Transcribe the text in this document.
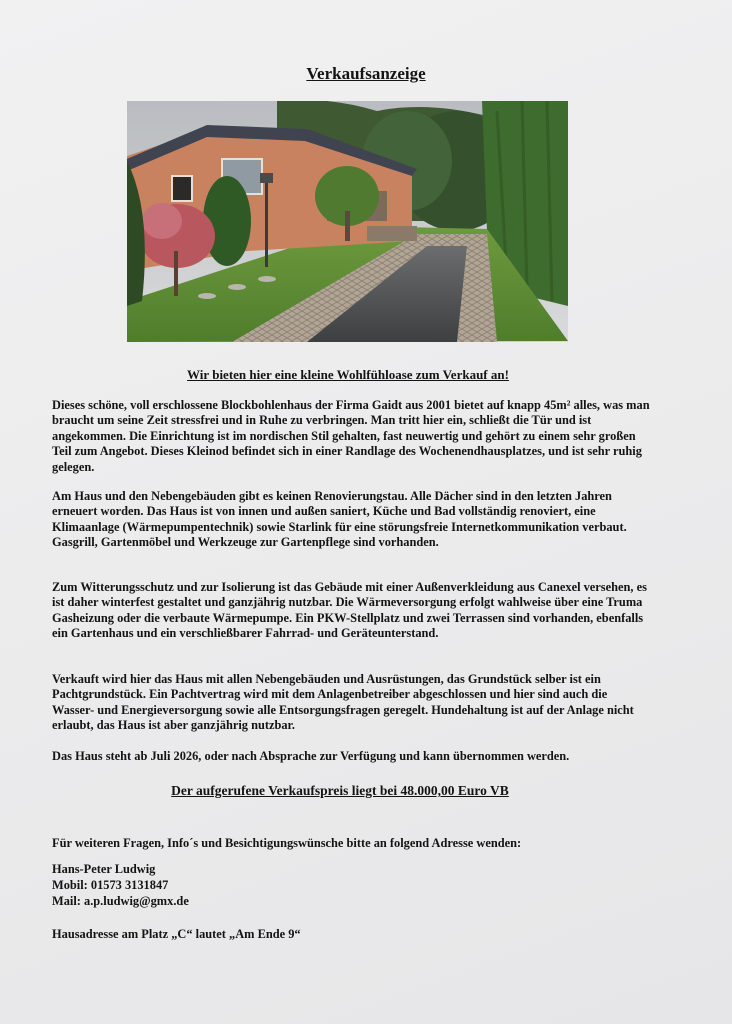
Verkaufsanzeige
Wir bieten hier eine kleine Wohlfühloase zum Verkauf an!

Dieses schöne, voll erschlossene Blockbohlenhaus der Firma Gaidt aus 2001 bietet auf knapp 45m² alles, was man braucht um seine Zeit stressfrei und in Ruhe zu verbringen. Man tritt hier ein, schließt die Tür und ist angekommen. Die Einrichtung ist im nordischen Stil gehalten, fast neuwertig und gehört zu einem sehr großen Teil zum Angebot. Dieses Kleinod befindet sich in einer Randlage des Wochenendhausplatzes, und ist sehr ruhig gelegen.

Am Haus und den Nebengebäuden gibt es keinen Renovierungstau. Alle Dächer sind in den letzten Jahren erneuert worden. Das Haus ist von innen und außen saniert, Küche und Bad vollständig renoviert, eine Klimaanlage (Wärmepumpentechnik) sowie Starlink für eine störungsfreie Internetkommunikation verbaut. Gasgrill, Gartenmöbel und Werkzeuge zur Gartenpflege sind vorhanden.

Zum Witterungsschutz und zur Isolierung ist das Gebäude mit einer Außenverkleidung aus Canexel versehen, es ist daher winterfest gestaltet und ganzjährig nutzbar. Die Wärmeversorgung erfolgt wahlweise über eine Truma Gasheizung oder die verbaute Wärmepumpe. Ein PKW-Stellplatz und zwei Terrassen sind vorhanden, ebenfalls ein Gartenhaus und ein verschließbarer Fahrrad- und Geräteunterstand.

Verkauft wird hier das Haus mit allen Nebengebäuden und Ausrüstungen, das Grundstück selber ist ein Pachtgrundstück. Ein Pachtvertrag wird mit dem Anlagenbetreiber abgeschlossen und hier sind auch die Wasser- und Energieversorgung sowie alle Entsorgungsfragen geregelt. Hundehaltung ist auf der Anlage nicht erlaubt, das Haus ist aber ganzjährig nutzbar.

Das Haus steht ab Juli 2026, oder nach Absprache zur Verfügung und kann übernommen werden.

Der aufgerufene Verkaufspreis liegt bei 48.000,00 Euro VB
Für weiteren Fragen, Info´s und Besichtigungswünsche bitte an folgend Adresse wenden:
Hans-Peter Ludwig
Mobil: 01573 3131847
Mail: a.p.ludwig@gmx.de
Hausadresse am Platz „C“ lautet „Am Ende 9“
